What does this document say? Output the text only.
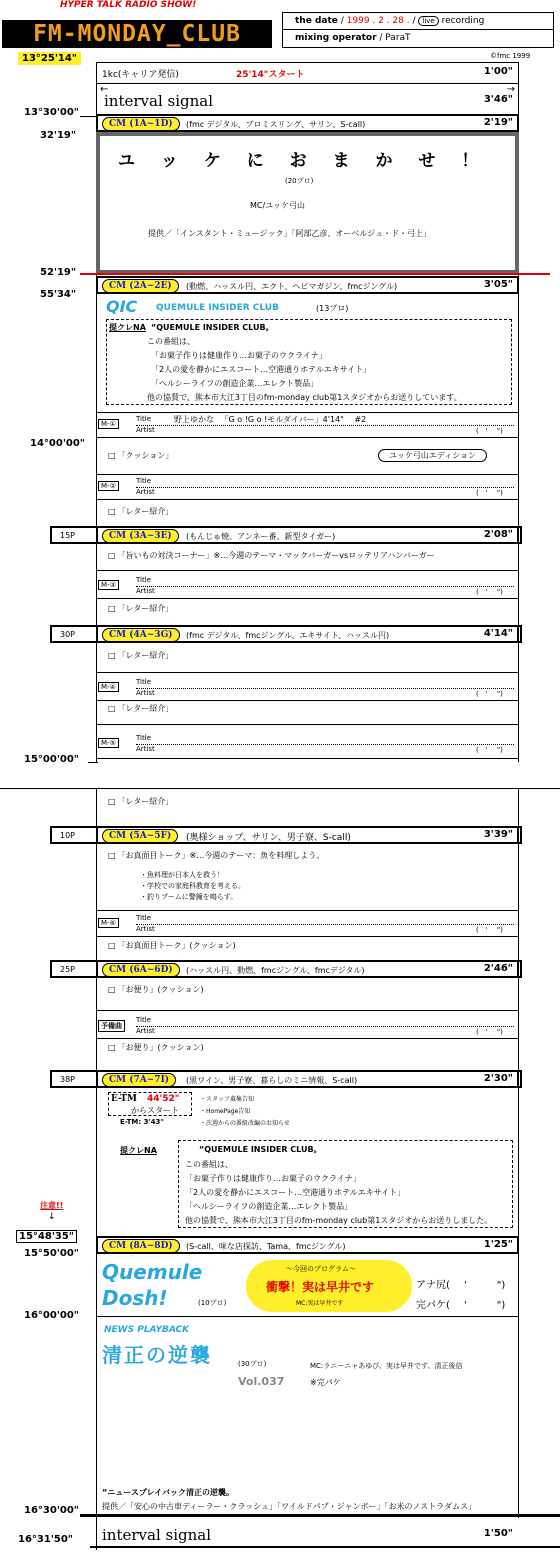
HYPER TALK RADIO SHOW!
FM-MONDAY_CLUB	the date / 1999 . 2 . 28 . / live recording
mixing operator / ParaT
©fmc 1999
13°25'14"
1kc(キャリア発信)	25'14"スタート	1'00"
←	→
interval signal	3'46"
13°30'00"
32'19"
CM (1A~1D)	(fmc デジタル、プロミスリング、サリン、S-call)	2'19"
ユ ッ ケ に お ま か せ ！
(20プロ)
MC/ユッケ弓山
提供／「インスタント・ミュージック」「阿部乙彦、オーベルジュ・ド・弓上」
52'19"
55'34"
CM (2A~2E)	(動燃、ハッスル円、エクト、ヘビマガジン、fmcジングル)	3'05"
QIC QUEMULE INSIDER CLUB	(13プロ)
提クレNA “QUEMULE INSIDER CLUB。
この番組は、
「お菓子作りは健康作り…お菓子のウクライナ」
「2人の愛を静かにエスコート…空港通りホテルエキサイト」
「ヘルシーライフの創造企業…エレクト製品」
他の協賛で、熊本市大江3丁目のfm-monday club第1スタジオからお送りしています。
M-①
Title	野上ゆかな 　「G o !G o !モルダイバー」4'14" 　#2
Artist	(　' 　")
14°00'00"
□ 「クッション」	ユッケ弓山エディション
M-②
Title
Artist	(　' 　")
□ 「レター紹介」
15P	CM (3A~3E)	(もんじゅ焼、アンネー番、新型タイガー)	2'08"
□ 「旨いもの対決コーナー」※…今週のテーマ・マックバーガーvsロッテリアハンバーガー
M-③
Title
Artist	(　' 　")
□ 「レター紹介」
30P	CM (4A~3G)	(fmc デジタル、fmcジングル、エキサイト、ハッスル円)	4'14"
□ 「レター紹介」
M-④
Title
Artist	(　' 　")
□ 「レター紹介」
M-⑤
Title
Artist	(　' 　")
15°00'00"
□ 「レター紹介」
10P	CM (5A~5F)	(奥様ショップ、サリン、男子寮、S-call)	3'39"
□ 「お真面目トーク」※…今週のテーマ：魚を料理しよう。
・魚料理が日本人を救う！
・学校での家庭科教育を考える。
・釣りブームに警鐘を鳴らす。
M-⑥
Title
Artist	(　' 　")
□ 「お真面目トーク」(クッション)
25P	CM (6A~6D)	(ハッスル円、動燃、fmcジングル、fmcデジタル)	2'46"
□ 「お便り」(クッション)
予備曲
Title
Artist	(　' 　")
□ 「お便り」(クッション)
38P	CM (7A~7I)	(黒ワイン、男子寮、暮らしのミニ情報、S-call)	2'30"
E-TM 44'52"
からスタート
E-TM: 3'43"
・スタッフ募集告知
・HomePage告知
・次週からの番組改編のお知らせ
提クレNA	“QUEMULE INSIDER CLUB。
この番組は、
「お菓子作りは健康作り…お菓子のウクライナ」
「2人の愛を静かにエスコート…空港通りホテルエキサイト」
「ヘルシーライフの創造企業…エレクト製品」
他の協賛で、熊本市大江3丁目のfm-monday club第1スタジオからお送りしました。
注意!!
↓
15°48'35"
15°50'00"
CM (8A~8D)	(S-call、味な店探訪、Tama、fmcジングル)	1'25"
Quemule
Dosh!	(10プロ)
～今回のプログラム～
衝撃！実は早井です
MC:実は早井です
アナ尻( '　　　")
完パケ( '　　　")
16°00'00"
NEWS PLAYBACK
清正の逆襲	(30プロ)	MC:ラニーニャあゆび、実は早井です、清正後信
Vol.037	※完パケ
“ニュースプレイバック清正の逆襲。
提供／「安心の中古車ディーラー・クラッシュ」「ワイルドパブ・ジャンボー」「お米のノストラダムス」
16°30'00"
16°31'50" interval signal	1'50"
